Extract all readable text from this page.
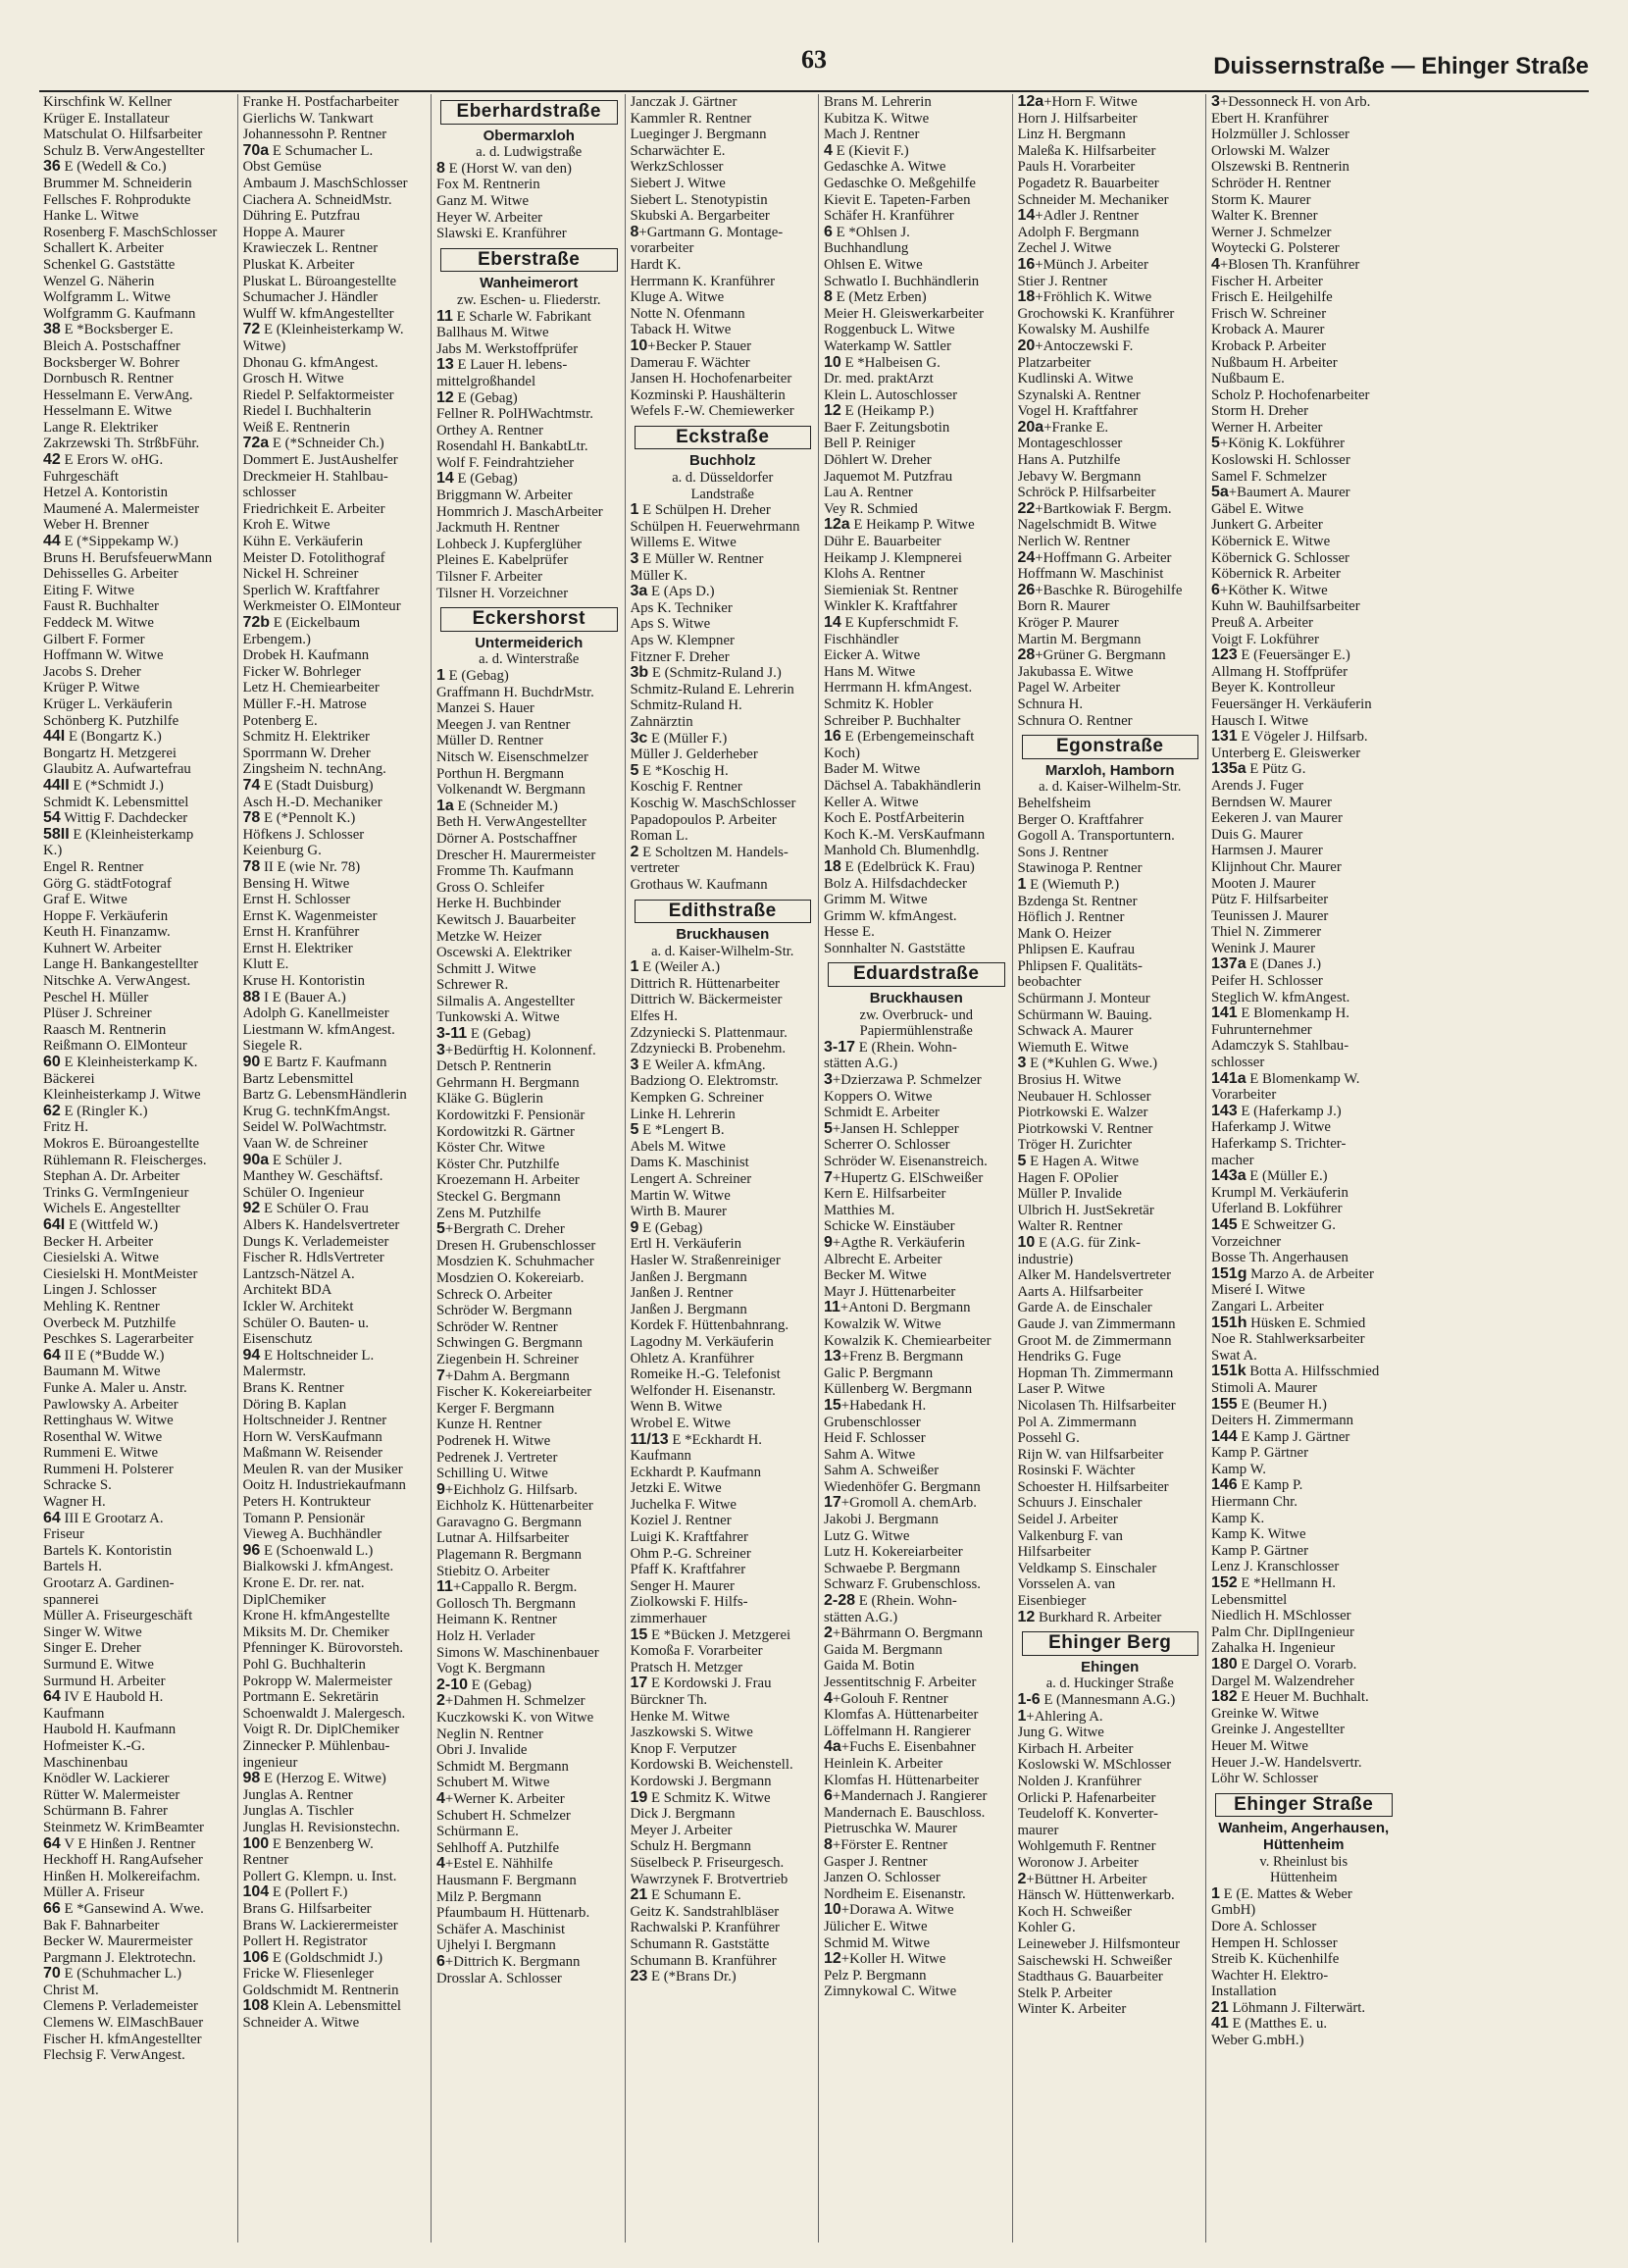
63	Duissernstraße — Ehinger Straße
Kirschfink W. Kellner
Krüger E. Installateur
Matschulat O. Hilfsarbeiter
Schulz B. VerwAngestellter
36 E (Wedell & Co.)
Brummer M. Schneiderin
Fellsches F. Rohprodukte
Hanke L. Witwe
Rosenberg F. MaschSchlosser
Schallert K. Arbeiter
Schenkel G. Gaststätte
Wenzel G. Näherin
Wolfgramm L. Witwe
Wolfgramm G. Kaufmann
38 E *Bocksberger E.
Bleich A. Postschaffner
Bocksberger W. Bohrer
Dornbusch R. Rentner
Hesselmann E. VerwAng.
Hesselmann E. Witwe
Lange R. Elektriker
Zakrzewski Th. StrßbFühr.
42 E Erors W. oHG.
Fuhrgeschäft
Hetzel A. Kontoristin
Maumené A. Malermeister
Weber H. Brenner
44 E (*Sippekamp W.)
Bruns H. BerufsfeuerwMann
Dehisselles G. Arbeiter
Eiting F. Witwe
Faust R. Buchhalter
Feddeck M. Witwe
Gilbert F. Former
Hoffmann W. Witwe
Jacobs S. Dreher
Krüger P. Witwe
Krüger L. Verkäuferin
Schönberg K. Putzhilfe
44I E (Bongartz K.)
Bongartz H. Metzgerei
Glaubitz A. Aufwartefrau
44II E (*Schmidt J.)
Schmidt K. Lebensmittel
54 Wittig F. Dachdecker
58II E (Kleinheisterkamp
K.)
Engel R. Rentner
Görg G. städtFotograf
Graf E. Witwe
Hoppe F. Verkäuferin
Keuth H. Finanzamw.
Kuhnert W. Arbeiter
Lange H. Bankangestellter
Nitschke A. VerwAngest.
Peschel H. Müller
Plüser J. Schreiner
Raasch M. Rentnerin
Reißmann O. ElMonteur
60 E Kleinheisterkamp K.
Bäckerei
Kleinheisterkamp J. Witwe
62 E (Ringler K.)
Fritz H.
Mokros E. Büroangestellte
Rühlemann R. Fleischerges.
Stephan A. Dr. Arbeiter
Trinks G. VermIngenieur
Wichels E. Angestellter
64I E (Wittfeld W.)
Becker H. Arbeiter
Ciesielski A. Witwe
Ciesielski H. MontMeister
Lingen J. Schlosser
Mehling K. Rentner
Overbeck M. Putzhilfe
Peschkes S. Lagerarbeiter
64 II E (*Budde W.)
Baumann M. Witwe
Funke A. Maler u. Anstr.
Pawlowsky A. Arbeiter
Rettinghaus W. Witwe
Rosenthal W. Witwe
Rummeni E. Witwe
Rummeni H. Polsterer
Schracke S.
Wagner H.
64 III E Grootarz A.
Friseur
Bartels K. Kontoristin
Bartels H.
Grootarz A. Gardinen-
spannerei
Müller A. Friseurgeschäft
Singer W. Witwe
Singer E. Dreher
Surmund E. Witwe
Surmund H. Arbeiter
64 IV E Haubold H.
Kaufmann
Haubold H. Kaufmann
Hofmeister K.-G.
Maschinenbau
Knödler W. Lackierer
Rütter W. Malermeister
Schürmann B. Fahrer
Steinmetz W. KrimBeamter
64 V E Hinßen J. Rentner
Heckhoff H. RangAufseher
Hinßen H. Molkereifachm.
Müller A. Friseur
66 E *Gansewind A. Wwe.
Bak F. Bahnarbeiter
Becker W. Maurermeister
Pargmann J. Elektrotechn.
70 E (Schuhmacher L.)
Christ M.
Clemens P. Verlademeister
Clemens W. ElMaschBauer
Fischer H. kfmAngestellter
Flechsig F. VerwAngest.
Franke H. Postfacharbeiter
Gierlichs W. Tankwart
Johannessohn P. Rentner
70a E Schumacher L.
Obst Gemüse
Ambaum J. MaschSchlosser
Ciachera A. SchneidMstr.
Dühring E. Putzfrau
Hoppe A. Maurer
Krawieczek L. Rentner
Pluskat K. Arbeiter
Pluskat L. Büroangestellte
Schumacher J. Händler
Wulff W. kfmAngestellter
72 E (Kleinheisterkamp W.
Witwe)
Dhonau G. kfmAngest.
Grosch H. Witwe
Riedel P. Selfaktormeister
Riedel I. Buchhalterin
Weiß E. Rentnerin
72a E (*Schneider Ch.)
Dommert E. JustAushelfer
Dreckmeier H. Stahlbau-
schlosser
Friedrichkeit E. Arbeiter
Kroh E. Witwe
Kühn E. Verkäuferin
Meister D. Fotolithograf
Nickel H. Schreiner
Sperlich W. Kraftfahrer
Werkmeister O. ElMonteur
72b E (Eickelbaum
Erbengem.)
Drobek H. Kaufmann
Ficker W. Bohrleger
Letz H. Chemiearbeiter
Müller F.-H. Matrose
Potenberg E.
Schmitz H. Elektriker
Sporrmann W. Dreher
Zingsheim N. technAng.
74 E (Stadt Duisburg)
Asch H.-D. Mechaniker
78 E (*Pennolt K.)
Höfkens J. Schlosser
Keienburg G.
78 II E (wie Nr. 78)
Bensing H. Witwe
Ernst H. Schlosser
Ernst K. Wagenmeister
Ernst H. Kranführer
Ernst H. Elektriker
Klutt E.
Kruse H. Kontoristin
88 I E (Bauer A.)
Adolph G. Kanellmeister
Liestmann W. kfmAngest.
Siegele R.
90 E Bartz F. Kaufmann
Bartz Lebensmittel
Bartz G. LebensmHändlerin
Krug G. technKfmAngst.
Seidel W. PolWachtmstr.
Vaan W. de Schreiner
90a E Schüler J.
Manthey W. Geschäftsf.
Schüler O. Ingenieur
92 E Schüler O. Frau
Albers K. Handelsvertreter
Dungs K. Verlademeister
Fischer R. HdlsVertreter
Lantzsch-Nätzel A.
Architekt BDA
Ickler W. Architekt
Schüler O. Bauten- u.
Eisenschutz
94 E Holtschneider L.
Malermstr.
Brans K. Rentner
Döring B. Kaplan
Holtschneider J. Rentner
Horn W. VersKaufmann
Maßmann W. Reisender
Meulen R. van der Musiker
Ooitz H. Industriekaufmann
Peters H. Kontrukteur
Tomann P. Pensionär
Vieweg A. Buchhändler
96 E (Schoenwald L.)
Bialkowski J. kfmAngest.
Krone E. Dr. rer. nat.
DiplChemiker
Krone H. kfmAngestellte
Miksits M. Dr. Chemiker
Pfenninger K. Bürovorsteh.
Pohl G. Buchhalterin
Pokropp W. Malermeister
Portmann E. Sekretärin
Schoenwaldt J. Malergesch.
Voigt R. Dr. DiplChemiker
Zinnecker P. Mühlenbau-
ingenieur
98 E (Herzog E. Witwe)
Junglas A. Rentner
Junglas A. Tischler
Junglas H. Revisionstechn.
100 E Benzenberg W.
Rentner
Pollert G. Klempn. u. Inst.
104 E (Pollert F.)
Brans G. Hilfsarbeiter
Brans W. Lackierermeister
Pollert H. Registrator
106 E (Goldschmidt J.)
Fricke W. Fliesenleger
Goldschmidt M. Rentnerin
108 Klein A. Lebensmittel
Schneider A. Witwe
Eberhardstraße
Obermarxloh
a. d. Ludwigstraße
8 E (Horst W. van den)
Fox M. Rentnerin
Ganz M. Witwe
Heyer W. Arbeiter
Slawski E. Kranführer
Eberstraße
Wanheimerort
zw. Eschen- u. Fliederstr.
11 E Scharle W. Fabrikant
Ballhaus M. Witwe
Jabs M. Werkstoffprüfer
13 E Lauer H. lebens-
mittelgroßhandel
12 E (Gebag)
Fellner R. PolHWachtmstr.
Orthey A. Rentner
Rosendahl H. BankabtLtr.
Wolf F. Feindrahtzieher
14 E (Gebag)
Briggmann W. Arbeiter
Hommrich J. MaschArbeiter
Jackmuth H. Rentner
Lohbeck J. Kupferglüher
Pleines E. Kabelprüfer
Tilsner F. Arbeiter
Tilsner H. Vorzeichner
Eckershorst
Untermeiderich
a. d. Winterstraße
1 E (Gebag)
Graffmann H. BuchdrMstr.
Manzei S. Hauer
Meegen J. van Rentner
Müller D. Rentner
Nitsch W. Eisenschmelzer
Porthun H. Bergmann
Volkenandt W. Bergmann
1a E (Schneider M.)
Beth H. VerwAngestellter
Dörner A. Postschaffner
Drescher H. Maurermeister
Fromme Th. Kaufmann
Gross O. Schleifer
Herke H. Buchbinder
Kewitsch J. Bauarbeiter
Metzke W. Heizer
Oscewski A. Elektriker
Schmitt J. Witwe
Schrewer R.
Silmalis A. Angestellter
Tunkowski A. Witwe
3-11 E (Gebag)
3+Bedürftig H. Kolonnenf.
Detsch P. Rentnerin
Gehrmann H. Bergmann
Kläke G. Büglerin
Kordowitzki F. Pensionär
Kordowitzki R. Gärtner
Köster Chr. Witwe
Köster Chr. Putzhilfe
Kroezemann H. Arbeiter
Steckel G. Bergmann
Zens M. Putzhilfe
5+Bergrath C. Dreher
Dresen H. Grubenschlosser
Mosdzien K. Schuhmacher
Mosdzien O. Kokereiarb.
Schreck O. Arbeiter
Schröder W. Bergmann
Schröder W. Rentner
Schwingen G. Bergmann
Ziegenbein H. Schreiner
7+Dahm A. Bergmann
Fischer K. Kokereiarbeiter
Kerger F. Bergmann
Kunze H. Rentner
Podrenek H. Witwe
Pedrenek J. Vertreter
Schilling U. Witwe
9+Eichholz G. Hilfsarb.
Eichholz K. Hüttenarbeiter
Garavagno G. Bergmann
Lutnar A. Hilfsarbeiter
Plagemann R. Bergmann
Stiebitz O. Arbeiter
11+Cappallo R. Bergm.
Gollosch Th. Bergmann
Heimann K. Rentner
Holz H. Verlader
Simons W. Maschinenbauer
Vogt K. Bergmann
2-10 E (Gebag)
2+Dahmen H. Schmelzer
Kuczkowski K. von Witwe
Neglin N. Rentner
Obri J. Invalide
Schmidt M. Bergmann
Schubert M. Witwe
4+Werner K. Arbeiter
Schubert H. Schmelzer
Schürmann E.
Sehlhoff A. Putzhilfe
4+Estel E. Nähhilfe
Hausmann F. Bergmann
Milz P. Bergmann
Pfaumbaum H. Hüttenarb.
Schäfer A. Maschinist
Ujhelyi I. Bergmann
6+Dittrich K. Bergmann
Drosslar A. Schlosser
Janczak J. Gärtner
Kammler R. Rentner
Lueginger J. Bergmann
Scharwächter E.
WerkzSchlosser
Siebert J. Witwe
Siebert L. Stenotypistin
Skubski A. Bergarbeiter
8+Gartmann G. Montage-
vorarbeiter
Hardt K.
Herrmann K. Kranführer
Kluge A. Witwe
Notte N. Ofenmann
Taback H. Witwe
10+Becker P. Stauer
Damerau F. Wächter
Jansen H. Hochofenarbeiter
Kozminski P. Haushälterin
Wefels F.-W. Chemiewerker
Eckstraße
Buchholz
a. d. Düsseldorfer
Landstraße
1 E Schülpen H. Dreher
Schülpen H. Feuerwehrmann
Willems E. Witwe
3 E Müller W. Rentner
Müller K.
3a E (Aps D.)
Aps K. Techniker
Aps S. Witwe
Aps W. Klempner
Fitzner F. Dreher
3b E (Schmitz-Ruland J.)
Schmitz-Ruland E. Lehrerin
Schmitz-Ruland H.
Zahnärztin
3c E (Müller F.)
Müller J. Gelderheber
5 E *Koschig H.
Koschig F. Rentner
Koschig W. MaschSchlosser
Papadopoulos P. Arbeiter
Roman L.
2 E Scholtzen M. Handels-
vertreter
Grothaus W. Kaufmann
Edithstraße
Bruckhausen
a. d. Kaiser-Wilhelm-Str.
1 E (Weiler A.)
Dittrich R. Hüttenarbeiter
Dittrich W. Bäckermeister
Elfes H.
Zdzyniecki S. Plattenmaur.
Zdzyniecki B. Probenehm.
3 E Weiler A. kfmAng.
Badziong O. Elektromstr.
Kempken G. Schreiner
Linke H. Lehrerin
5 E *Lengert B.
Abels M. Witwe
Dams K. Maschinist
Lengert A. Schreiner
Martin W. Witwe
Wirth B. Maurer
9 E (Gebag)
Ertl H. Verkäuferin
Hasler W. Straßenreiniger
Janßen J. Bergmann
Janßen J. Rentner
Janßen J. Bergmann
Kordek F. Hüttenbahnrang.
Lagodny M. Verkäuferin
Ohletz A. Kranführer
Romeike H.-G. Telefonist
Welfonder H. Eisenanstr.
Wenn B. Witwe
Wrobel E. Witwe
11/13 E *Eckhardt H.
Kaufmann
Eckhardt P. Kaufmann
Jetzki E. Witwe
Juchelka F. Witwe
Koziel J. Rentner
Luigi K. Kraftfahrer
Ohm P.-G. Schreiner
Pfaff K. Kraftfahrer
Senger H. Maurer
Ziolkowski F. Hilfs-
zimmerhauer
15 E *Bücken J. Metzgerei
Komoßa F. Vorarbeiter
Pratsch H. Metzger
17 E Kordowski J. Frau
Bürckner Th.
Henke M. Witwe
Jaszkowski S. Witwe
Knop F. Verputzer
Kordowski B. Weichenstell.
Kordowski J. Bergmann
19 E Schmitz K. Witwe
Dick J. Bergmann
Meyer J. Arbeiter
Schulz H. Bergmann
Süselbeck P. Friseurgesch.
Wawrzynek F. Brotvertrieb
21 E Schumann E.
Geitz K. Sandstrahlbläser
Rachwalski P. Kranführer
Schumann R. Gaststätte
Schumann B. Kranführer
23 E (*Brans Dr.)
Brans M. Lehrerin
Kubitza K. Witwe
Mach J. Rentner
4 E (Kievit F.)
Gedaschke A. Witwe
Gedaschke O. Meßgehilfe
Kievit E. Tapeten-Farben
Schäfer H. Kranführer
6 E *Ohlsen J.
Buchhandlung
Ohlsen E. Witwe
Schwatlo I. Buchhändlerin
8 E (Metz Erben)
Meier H. Gleiswerkarbeiter
Roggenbuck L. Witwe
Waterkamp W. Sattler
10 E *Halbeisen G.
Dr. med. praktArzt
Klein L. Autoschlosser
12 E (Heikamp P.)
Baer F. Zeitungsbotin
Bell P. Reiniger
Döhlert W. Dreher
Jaquemot M. Putzfrau
Lau A. Rentner
Vey R. Schmied
12a E Heikamp P. Witwe
Dühr E. Bauarbeiter
Heikamp J. Klempnerei
Klohs A. Rentner
Siemieniak St. Rentner
Winkler K. Kraftfahrer
14 E Kupferschmidt F.
Fischhändler
Eicker A. Witwe
Hans M. Witwe
Herrmann H. kfmAngest.
Schmitz K. Hobler
Schreiber P. Buchhalter
16 E (Erbengemeinschaft
Koch)
Bader M. Witwe
Dächsel A. Tabakhändlerin
Keller A. Witwe
Koch E. PostfArbeiterin
Koch K.-M. VersKaufmann
Manhold Ch. Blumenhdlg.
18 E (Edelbrück K. Frau)
Bolz A. Hilfsdachdecker
Grimm M. Witwe
Grimm W. kfmAngest.
Hesse E.
Sonnhalter N. Gaststätte
Eduardstraße
Bruckhausen
zw. Overbruck- und
Papiermühlenstraße
3-17 E (Rhein. Wohn-
stätten A.G.)
3+Dzierzawa P. Schmelzer
Koppers O. Witwe
Schmidt E. Arbeiter
5+Jansen H. Schlepper
Scherrer O. Schlosser
Schröder W. Eisenanstreich.
7+Hupertz G. ElSchweißer
Kern E. Hilfsarbeiter
Matthies M.
Schicke W. Einstäuber
9+Agthe R. Verkäuferin
Albrecht E. Arbeiter
Becker M. Witwe
Mayr J. Hüttenarbeiter
11+Antoni D. Bergmann
Kowalzik W. Witwe
Kowalzik K. Chemiearbeiter
13+Frenz B. Bergmann
Galic P. Bergmann
Küllenberg W. Bergmann
15+Habedank H.
Grubenschlosser
Heid F. Schlosser
Sahm A. Witwe
Sahm A. Schweißer
Wiedenhöfer G. Bergmann
17+Gromoll A. chemArb.
Jakobi J. Bergmann
Lutz G. Witwe
Lutz H. Kokereiarbeiter
Schwaebe P. Bergmann
Schwarz F. Grubenschloss.
2-28 E (Rhein. Wohn-
stätten A.G.)
2+Bährmann O. Bergmann
Gaida M. Bergmann
Gaida M. Botin
Jessentitschnig F. Arbeiter
4+Golouh F. Rentner
Klomfas A. Hüttenarbeiter
Löffelmann H. Rangierer
4a+Fuchs E. Eisenbahner
Heinlein K. Arbeiter
Klomfas H. Hüttenarbeiter
6+Mandernach J. Rangierer
Mandernach E. Bauschloss.
Pietruschka W. Maurer
8+Förster E. Rentner
Gasper J. Rentner
Janzen O. Schlosser
Nordheim E. Eisenanstr.
10+Dorawa A. Witwe
Jülicher E. Witwe
Schmid M. Witwe
12+Koller H. Witwe
Pelz P. Bergmann
Zimnykowal C. Witwe
12a+Horn F. Witwe
Horn J. Hilfsarbeiter
Linz H. Bergmann
Maleßa K. Hilfsarbeiter
Pauls H. Vorarbeiter
Pogadetz R. Bauarbeiter
Schneider M. Mechaniker
14+Adler J. Rentner
Adolph F. Bergmann
Zechel J. Witwe
16+Münch J. Arbeiter
Stier J. Rentner
18+Fröhlich K. Witwe
Grochowski K. Kranführer
Kowalsky M. Aushilfe
20+Antoczewski F.
Platzarbeiter
Kudlinski A. Witwe
Szynalski A. Rentner
Vogel H. Kraftfahrer
20a+Franke E.
Montageschlosser
Hans A. Putzhilfe
Jebavy W. Bergmann
Schröck P. Hilfsarbeiter
22+Bartkowiak F. Bergm.
Nagelschmidt B. Witwe
Nerlich W. Rentner
24+Hoffmann G. Arbeiter
Hoffmann W. Maschinist
26+Baschke R. Bürogehilfe
Born R. Maurer
Kröger P. Maurer
Martin M. Bergmann
28+Grüner G. Bergmann
Jakubassa E. Witwe
Pagel W. Arbeiter
Schnura H.
Schnura O. Rentner
Egonstraße
Marxloh, Hamborn
a. d. Kaiser-Wilhelm-Str.
Behelfsheim
Berger O. Kraftfahrer
Gogoll A. Transportuntern.
Sons J. Rentner
Stawinoga P. Rentner
1 E (Wiemuth P.)
Bzdenga St. Rentner
Höflich J. Rentner
Mank O. Heizer
Phlipsen E. Kaufrau
Phlipsen F. Qualitäts-
beobachter
Schürmann J. Monteur
Schürmann W. Bauing.
Schwack A. Maurer
Wiemuth E. Witwe
3 E (*Kuhlen G. Wwe.)
Brosius H. Witwe
Neubauer H. Schlosser
Piotrkowski E. Walzer
Piotrkowski V. Rentner
Tröger H. Zurichter
5 E Hagen A. Witwe
Hagen F. OPolier
Müller P. Invalide
Ulbrich H. JustSekretär
Walter R. Rentner
10 E (A.G. für Zink-
industrie)
Alker M. Handelsvertreter
Aarts A. Hilfsarbeiter
Garde A. de Einschaler
Gaude J. van Zimmermann
Groot M. de Zimmermann
Hendriks G. Fuge
Hopman Th. Zimmermann
Laser P. Witwe
Nicolasen Th. Hilfsarbeiter
Pol A. Zimmermann
Possehl G.
Rijn W. van Hilfsarbeiter
Rosinski F. Wächter
Schoester H. Hilfsarbeiter
Schuurs J. Einschaler
Seidel J. Arbeiter
Valkenburg F. van
Hilfsarbeiter
Veldkamp S. Einschaler
Vorsselen A. van
Eisenbieger
12 Burkhard R. Arbeiter
Ehinger Berg
Ehingen
a. d. Huckinger Straße
1-6 E (Mannesmann A.G.)
1+Ahlering A.
Jung G. Witwe
Kirbach H. Arbeiter
Koslowski W. MSchlosser
Nolden J. Kranführer
Orlicki P. Hafenarbeiter
Teudeloff K. Konverter-
maurer
Wohlgemuth F. Rentner
Woronow J. Arbeiter
2+Büttner H. Arbeiter
Hänsch W. Hüttenwerkarb.
Koch H. Schweißer
Kohler G.
Leineweber J. Hilfsmonteur
Saischewski H. Schweißer
Stadthaus G. Bauarbeiter
Stelk P. Arbeiter
Winter K. Arbeiter
3+Dessonneck H. von Arb.
Ebert H. Kranführer
Holzmüller J. Schlosser
Orlowski M. Walzer
Olszewski B. Rentnerin
Schröder H. Rentner
Storm K. Maurer
Walter K. Brenner
Werner J. Schmelzer
Woytecki G. Polsterer
4+Blosen Th. Kranführer
Fischer H. Arbeiter
Frisch E. Heilgehilfe
Frisch W. Schreiner
Kroback A. Maurer
Kroback P. Arbeiter
Nußbaum H. Arbeiter
Nußbaum E.
Scholz P. Hochofenarbeiter
Storm H. Dreher
Werner H. Arbeiter
5+König K. Lokführer
Koslowski H. Schlosser
Samel F. Schmelzer
5a+Baumert A. Maurer
Gäbel E. Witwe
Junkert G. Arbeiter
Köbernick E. Witwe
Köbernick G. Schlosser
Köbernick R. Arbeiter
6+Köther K. Witwe
Kuhn W. Bauhilfsarbeiter
Preuß A. Arbeiter
Voigt F. Lokführer
123 E (Feuersänger E.)
Allmang H. Stoffprüfer
Beyer K. Kontrolleur
Feuersänger H. Verkäuferin
Hausch I. Witwe
131 E Vögeler J. Hilfsarb.
Unterberg E. Gleiswerker
135a E Pütz G.
Arends J. Fuger
Berndsen W. Maurer
Eekeren J. van Maurer
Duis G. Maurer
Harmsen J. Maurer
Klijnhout Chr. Maurer
Mooten J. Maurer
Pütz F. Hilfsarbeiter
Teunissen J. Maurer
Thiel N. Zimmerer
Wenink J. Maurer
137a E (Danes J.)
Peifer H. Schlosser
Steglich W. kfmAngest.
141 E Blomenkamp H.
Fuhrunternehmer
Adamczyk S. Stahlbau-
schlosser
141a E Blomenkamp W.
Vorarbeiter
143 E (Haferkamp J.)
Haferkamp J. Witwe
Haferkamp S. Trichter-
macher
143a E (Müller E.)
Krumpl M. Verkäuferin
Uferland B. Lokführer
145 E Schweitzer G.
Vorzeichner
Bosse Th. Angerhausen
151g Marzo A. de Arbeiter
Miseré I. Witwe
Zangari L. Arbeiter
151h Hüsken E. Schmied
Noe R. Stahlwerksarbeiter
Swat A.
151k Botta A. Hilfsschmied
Stimoli A. Maurer
155 E (Beumer H.)
Deiters H. Zimmermann
144 E Kamp J. Gärtner
Kamp P. Gärtner
Kamp W.
146 E Kamp P.
Hiermann Chr.
Kamp K.
Kamp K. Witwe
Kamp P. Gärtner
Lenz J. Kranschlosser
152 E *Hellmann H.
Lebensmittel
Niedlich H. MSchlosser
Palm Chr. DiplIngenieur
Zahalka H. Ingenieur
180 E Dargel O. Vorarb.
Dargel M. Walzendreher
182 E Heuer M. Buchhalt.
Greinke W. Witwe
Greinke J. Angestellter
Heuer M. Witwe
Heuer J.-W. Handelsvertr.
Löhr W. Schlosser
Ehinger Straße
Wanheim, Angerhausen, Hüttenheim
v. Rheinlust bis
Hüttenheim
1 E (E. Mattes & Weber
GmbH)
Dore A. Schlosser
Hempen H. Schlosser
Streib K. Küchenhilfe
Wachter H. Elektro-
Installation
21 Löhmann J. Filterwärt.
41 E (Matthes E. u.
Weber G.mbH.)
